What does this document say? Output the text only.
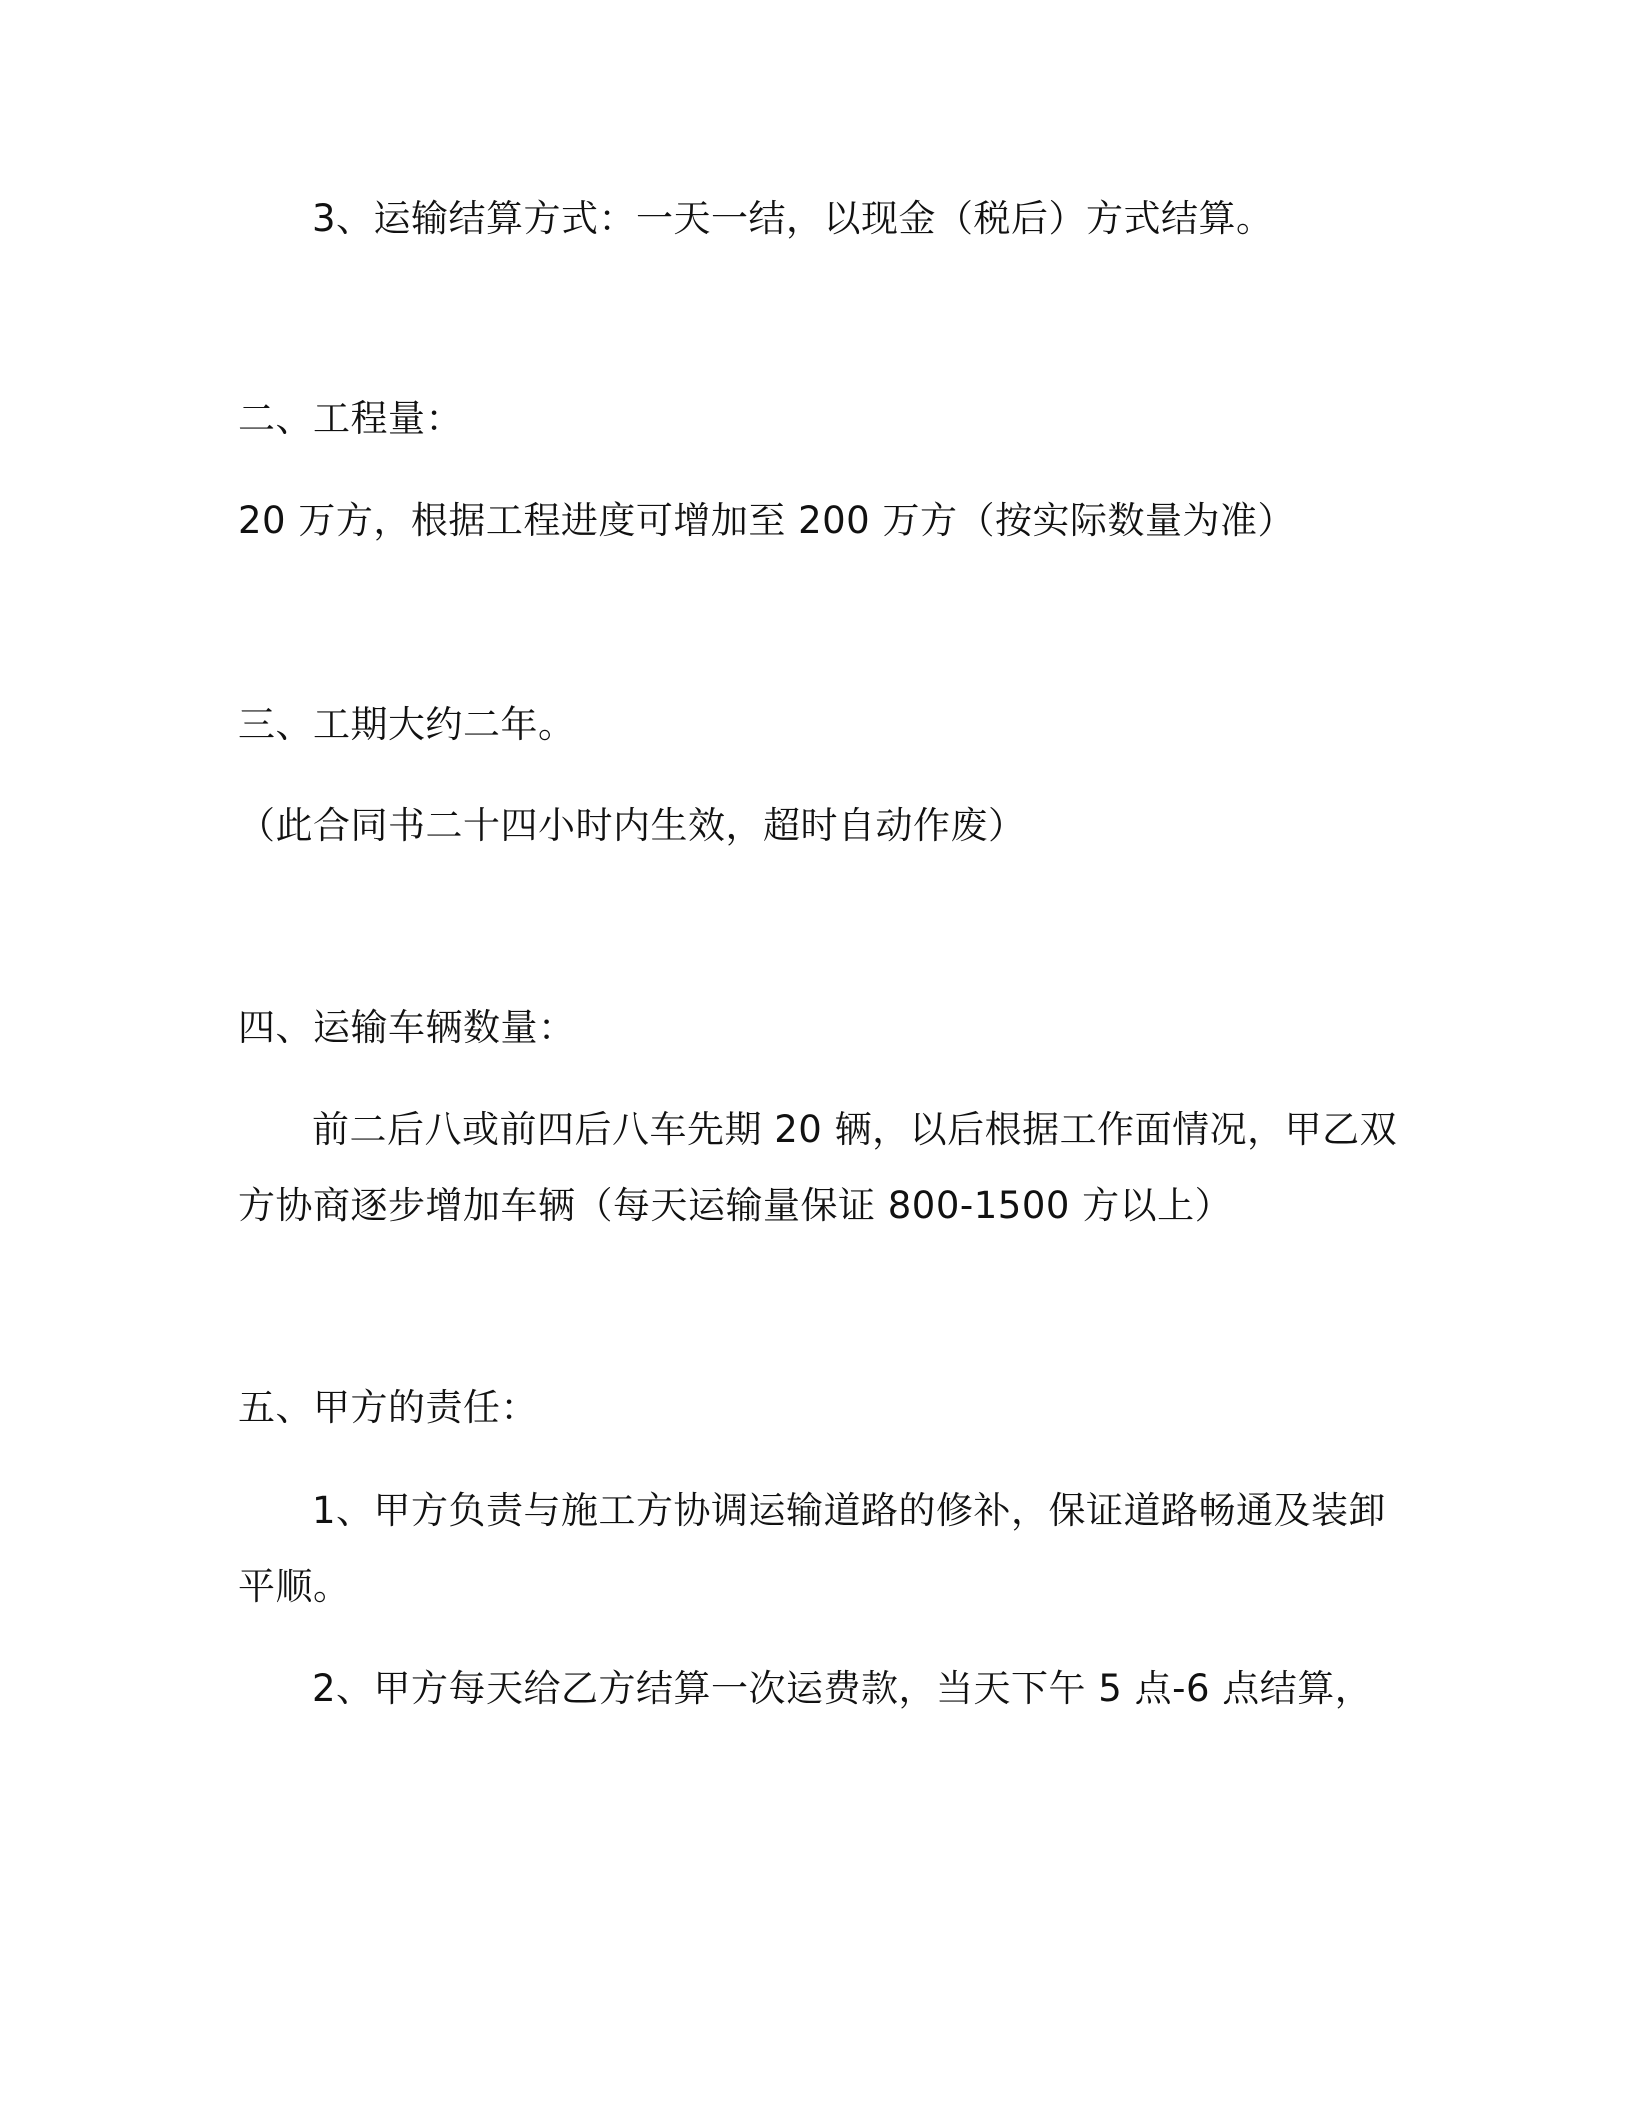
3、运输结算方式：一天一结，以现金（税后）方式结算。
二、工程量：
20 万方，根据工程进度可增加至 200 万方（按实际数量为准）
三、工期大约二年。
（此合同书二十四小时内生效，超时自动作废）
四、运输车辆数量：
前二后八或前四后八车先期 20 辆，以后根据工作面情况，甲乙双
方协商逐步增加车辆（每天运输量保证 800-1500 方以上）
五、甲方的责任：
1、甲方负责与施工方协调运输道路的修补，保证道路畅通及装卸
平顺。
2、甲方每天给乙方结算一次运费款，当天下午 5 点-6 点结算，
